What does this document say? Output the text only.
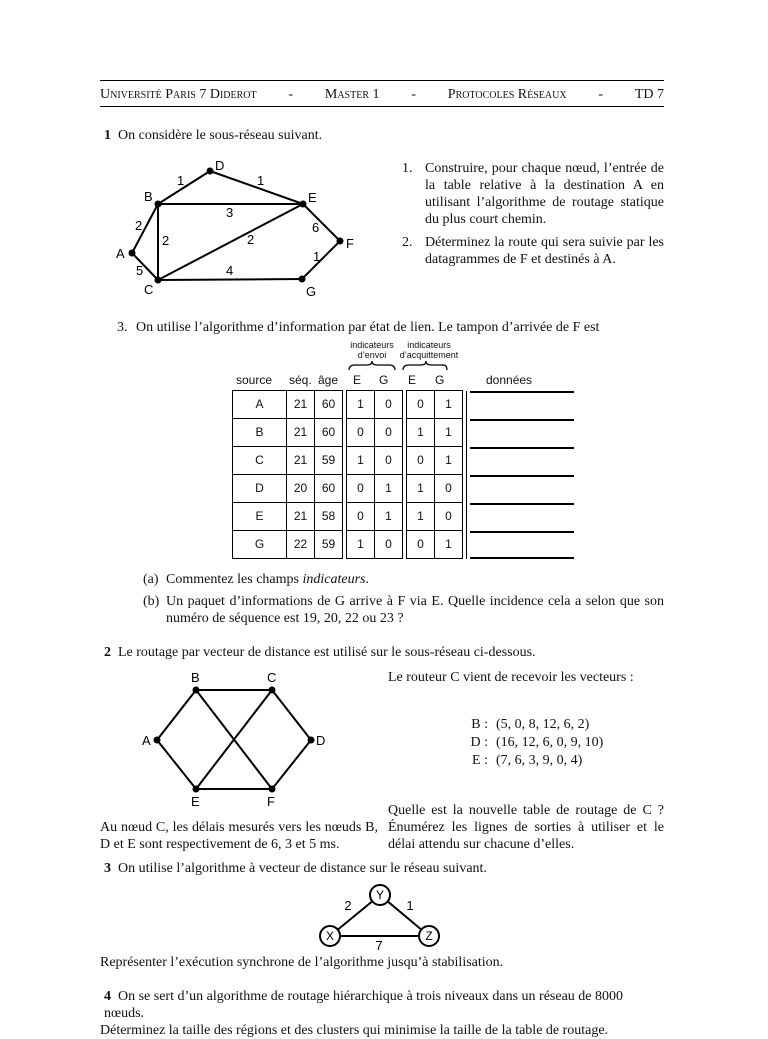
Université Paris 7 Diderot - Master 1 - Protocoles Réseaux - TD 7
1 On considère le sous-réseau suivant.
A
B
C
D
E
F
G
2
5
2
1	1
3
2
6
1
4
1. Construire, pour chaque nœud, l’entrée de la table relative à la destination A en utilisant l’algorithme de routage statique du plus court chemin.
2. Déterminez la route qui sera suivie par les datagrammes de F et destinés à A.
3. On utilise l’algorithme d’information par état de lien. Le tampon d’arrivée de F est
indicateurs d’envoi
indicateurs d’acquittement
source séq. âge E G E G	données
A	21	60		1	0		0	1		

B	21	60		0	0		1	1		

C	21	59		1	0		0	1		

D	20	60		0	1		1	0		

E	21	58		0	1		1	0		

G	22	59		1	0		0	1		
(a) Commentez les champs indicateurs.
(b) Un paquet d’informations de G arrive à F via E. Quelle incidence cela a selon que son numéro de séquence est 19, 20, 22 ou 23 ?
2 Le routage par vecteur de distance est utilisé sur le sous-réseau ci-dessous.
A
B	C
D
E	F
Le routeur C vient de recevoir les vecteurs :
B : (5, 0, 8, 12, 6, 2)
D : (16, 12, 6, 0, 9, 10)
E : (7, 6, 3, 9, 0, 4)
Au nœud C, les délais mesurés vers les nœuds B, D et E sont respectivement de 6, 3 et 5 ms.
Quelle est la nouvelle table de routage de C ? Énumérez les lignes de sorties à utiliser et le délai attendu sur chacune d’elles.
3 On utilise l’algorithme à vecteur de distance sur le réseau suivant.
X
Y
Z
2	1
7
Représenter l’exécution synchrone de l’algorithme jusqu’à stabilisation.
4 On se sert d’un algorithme de routage hiérarchique à trois niveaux dans un réseau de 8000 nœuds.
Déterminez la taille des régions et des clusters qui minimise la taille de la table de routage.
